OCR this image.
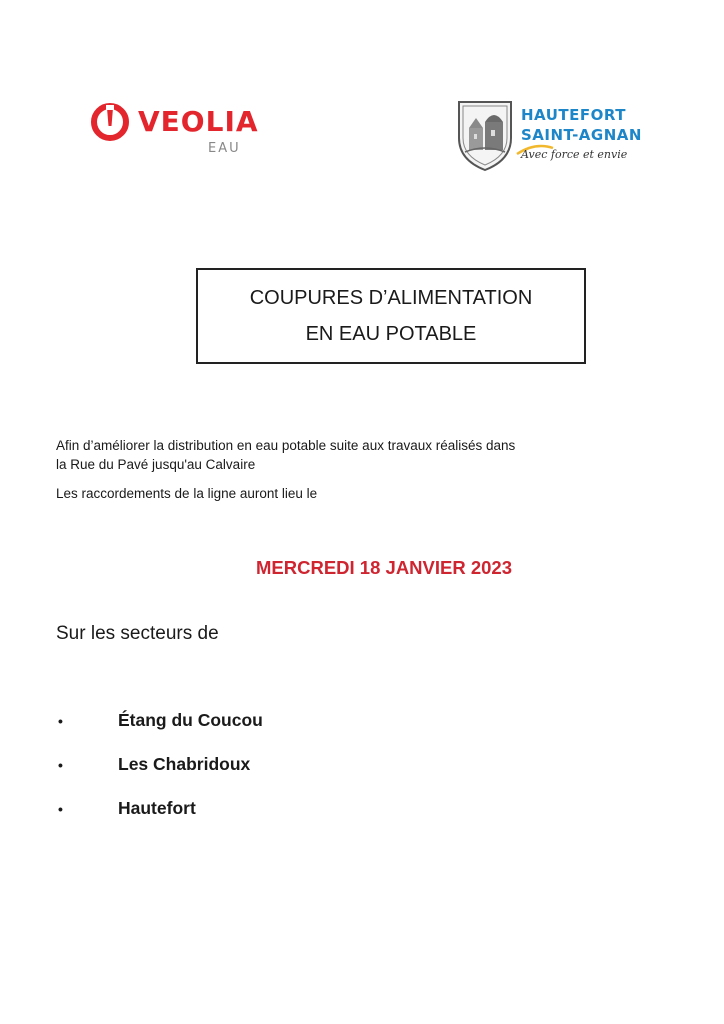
VEOLIA
EAU
HAUTEFORT
SAINT-AGNAN
Avec force et envie
COUPURES D’ALIMENTATION
EN EAU POTABLE

Afin d’améliorer la distribution en eau potable suite aux travaux réalisés dans

la Rue du Pavé jusqu'au Calvaire

Les raccordements de la ligne auront lieu le

MERCREDI 18 JANVIER 2023
Sur les secteurs de
•	Étang du Coucou
•	Les Chabridoux
•	Hautefort
